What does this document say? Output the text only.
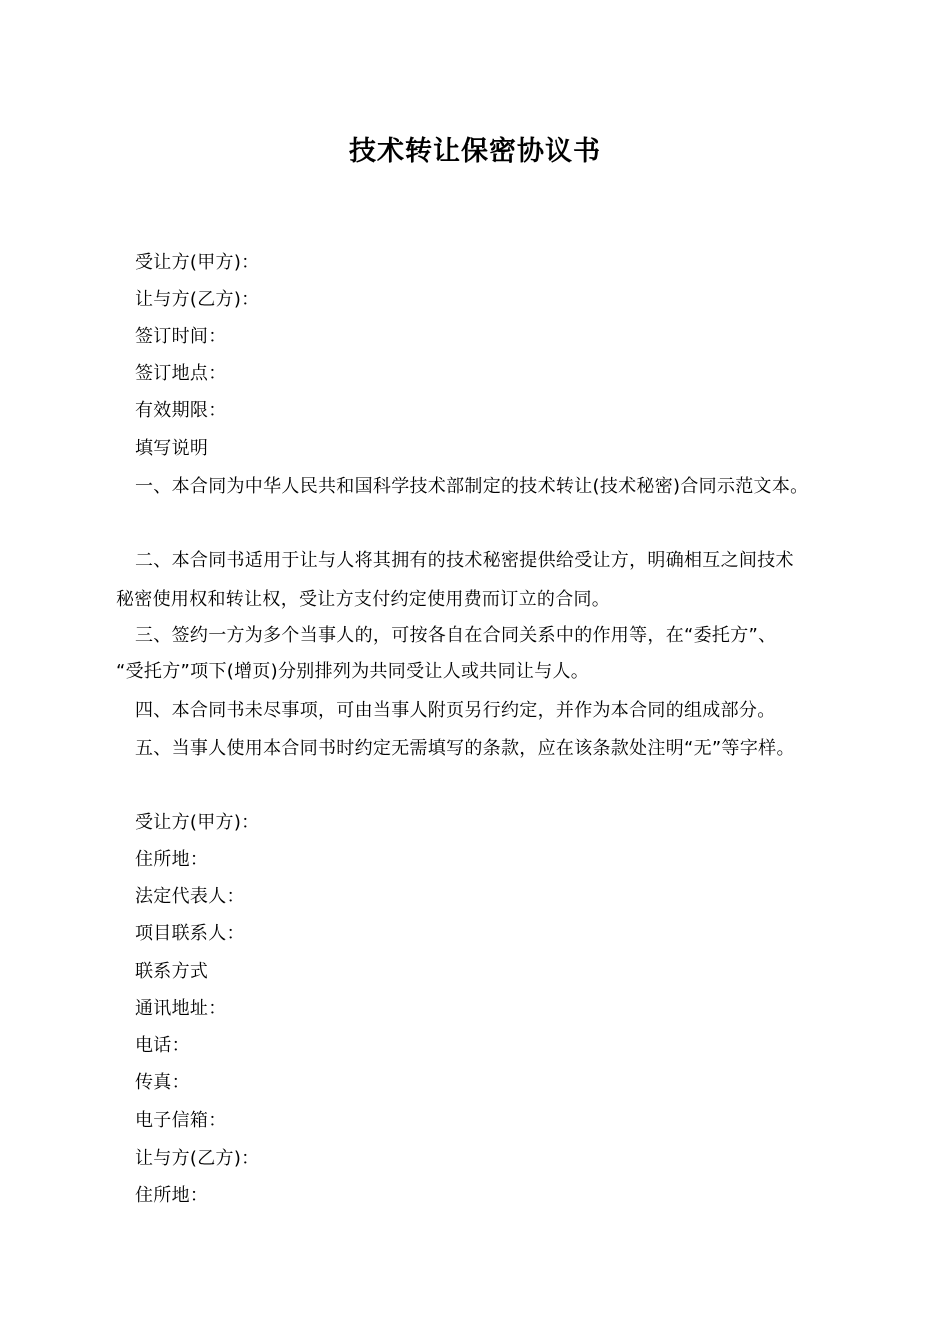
技术转让保密协议书
受让方(甲方)：
让与方(乙方)：
签订时间：
签订地点：
有效期限：
填写说明
一、本合同为中华人民共和国科学技术部制定的技术转让(技术秘密)合同示范文本。
二、本合同书适用于让与人将其拥有的技术秘密提供给受让方，明确相互之间技术
秘密使用权和转让权，受让方支付约定使用费而订立的合同。
三、签约一方为多个当事人的，可按各自在合同关系中的作用等，在“委托方”、
“受托方”项下(增页)分别排列为共同受让人或共同让与人。
四、本合同书未尽事项，可由当事人附页另行约定，并作为本合同的组成部分。
五、当事人使用本合同书时约定无需填写的条款，应在该条款处注明“无”等字样。
受让方(甲方)：
住所地：
法定代表人：
项目联系人：
联系方式
通讯地址：
电话：
传真：
电子信箱：
让与方(乙方)：
住所地：
